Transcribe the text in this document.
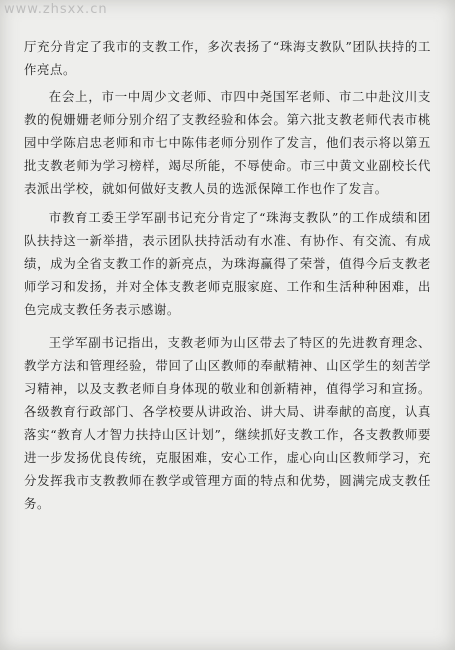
www.zhsxx.cn

厅充分肯定了我市的支教工作，多次表扬了“珠海支教队”团队扶持的工作亮点。

在会上，市一中周少文老师、市四中尧国军老师、市二中赴汶川支教的倪姗姗老师分别介绍了支教经验和体会。第六批支教老师代表市桃园中学陈启忠老师和市七中陈伟老师分别作了发言，他们表示将以第五批支教老师为学习榜样，竭尽所能，不辱使命。市三中黄文业副校长代表派出学校，就如何做好支教人员的选派保障工作也作了发言。

市教育工委王学军副书记充分肯定了“珠海支教队”的工作成绩和团队扶持这一新举措，表示团队扶持活动有水准、有协作、有交流、有成绩，成为全省支教工作的新亮点，为珠海赢得了荣誉，值得今后支教老师学习和发扬，并对全体支教老师克服家庭、工作和生活种种困难，出色完成支教任务表示感谢。

王学军副书记指出，支教老师为山区带去了特区的先进教育理念、教学方法和管理经验，带回了山区教师的奉献精神、山区学生的刻苦学习精神，以及支教老师自身体现的敬业和创新精神，值得学习和宣扬。各级教育行政部门、各学校要从讲政治、讲大局、讲奉献的高度，认真落实“教育人才智力扶持山区计划”，继续抓好支教工作，各支教教师要进一步发扬优良传统，克服困难，安心工作，虚心向山区教师学习，充分发挥我市支教教师在教学或管理方面的特点和优势，圆满完成支教任务。
